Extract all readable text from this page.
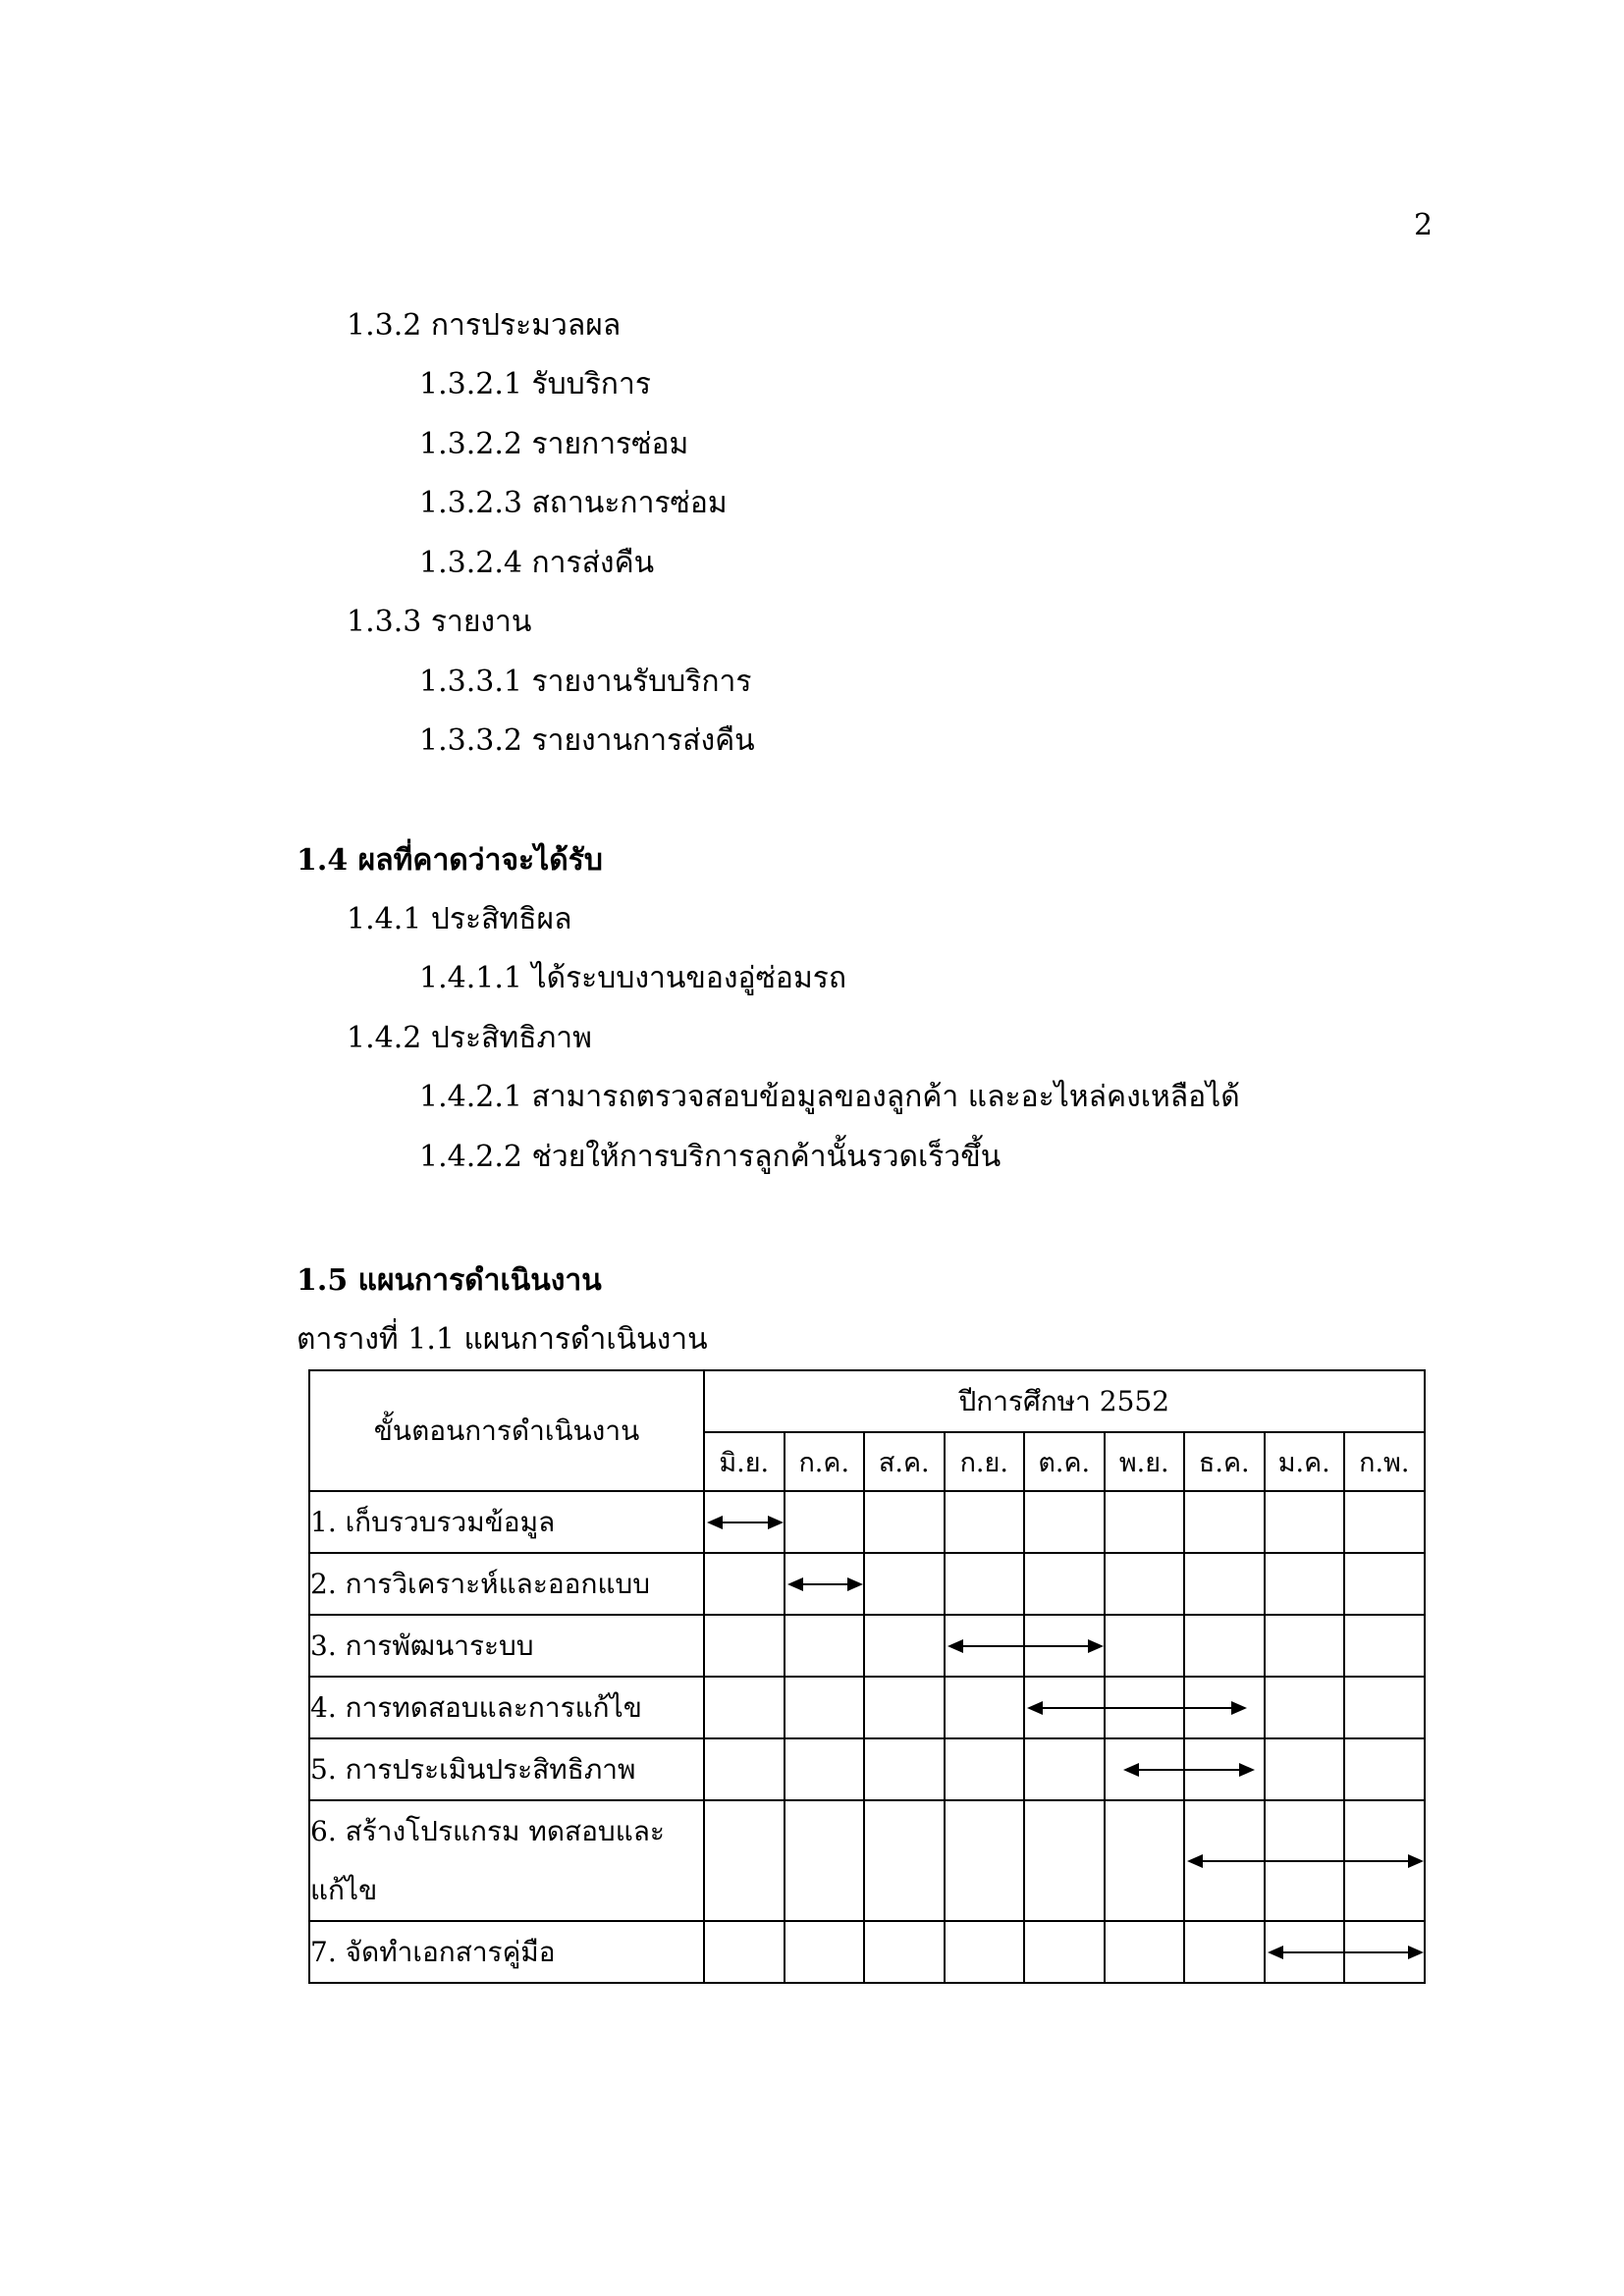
2
1.3.2 การประมวลผล
1.3.2.1 รับบริการ
1.3.2.2 รายการซ่อม
1.3.2.3 สถานะการซ่อม
1.3.2.4 การส่งคืน
1.3.3 รายงาน
1.3.3.1 รายงานรับบริการ
1.3.3.2 รายงานการส่งคืน
1.4 ผลที่คาดว่าจะได้รับ
1.4.1 ประสิทธิผล
1.4.1.1 ได้ระบบงานของอู่ซ่อมรถ
1.4.2 ประสิทธิภาพ
1.4.2.1 สามารถตรวจสอบข้อมูลของลูกค้า และอะไหล่คงเหลือได้
1.4.2.2 ช่วยให้การบริการลูกค้านั้นรวดเร็วขึ้น
1.5 แผนการดำเนินงาน
ตารางที่ 1.1 แผนการดำเนินงาน
ขั้นตอนการดำเนินงาน	ปีการศึกษา 2552								
	มิ.ย.	ก.ค.	ส.ค.	ก.ย.	ต.ค.	พ.ย.	ธ.ค.	ม.ค.	ก.พ.
1. เก็บรวบรวมข้อมูล	

2. การวิเคราะห์และออกแบบ	

3. การพัฒนาระบบ	

4. การทดสอบและการแก้ไข	

5. การประเมินประสิทธิภาพ	

6. สร้างโปรแกรม ทดสอบและแก้ไข	

7. จัดทำเอกสารคู่มือ	
